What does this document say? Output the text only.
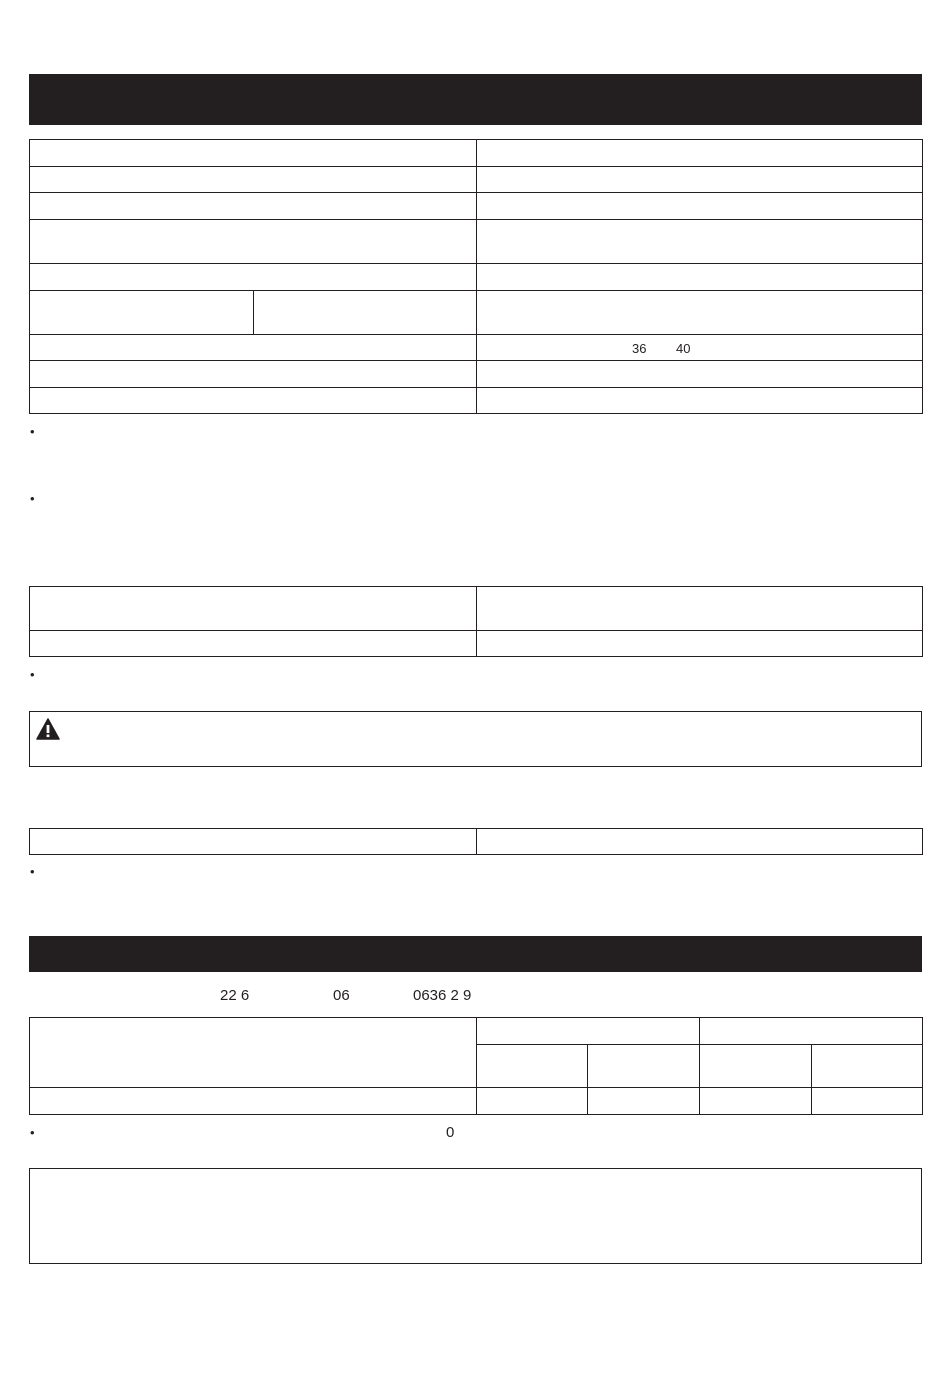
36 40
•
•
•
•
22 6	06	0636 2 9
•	0
